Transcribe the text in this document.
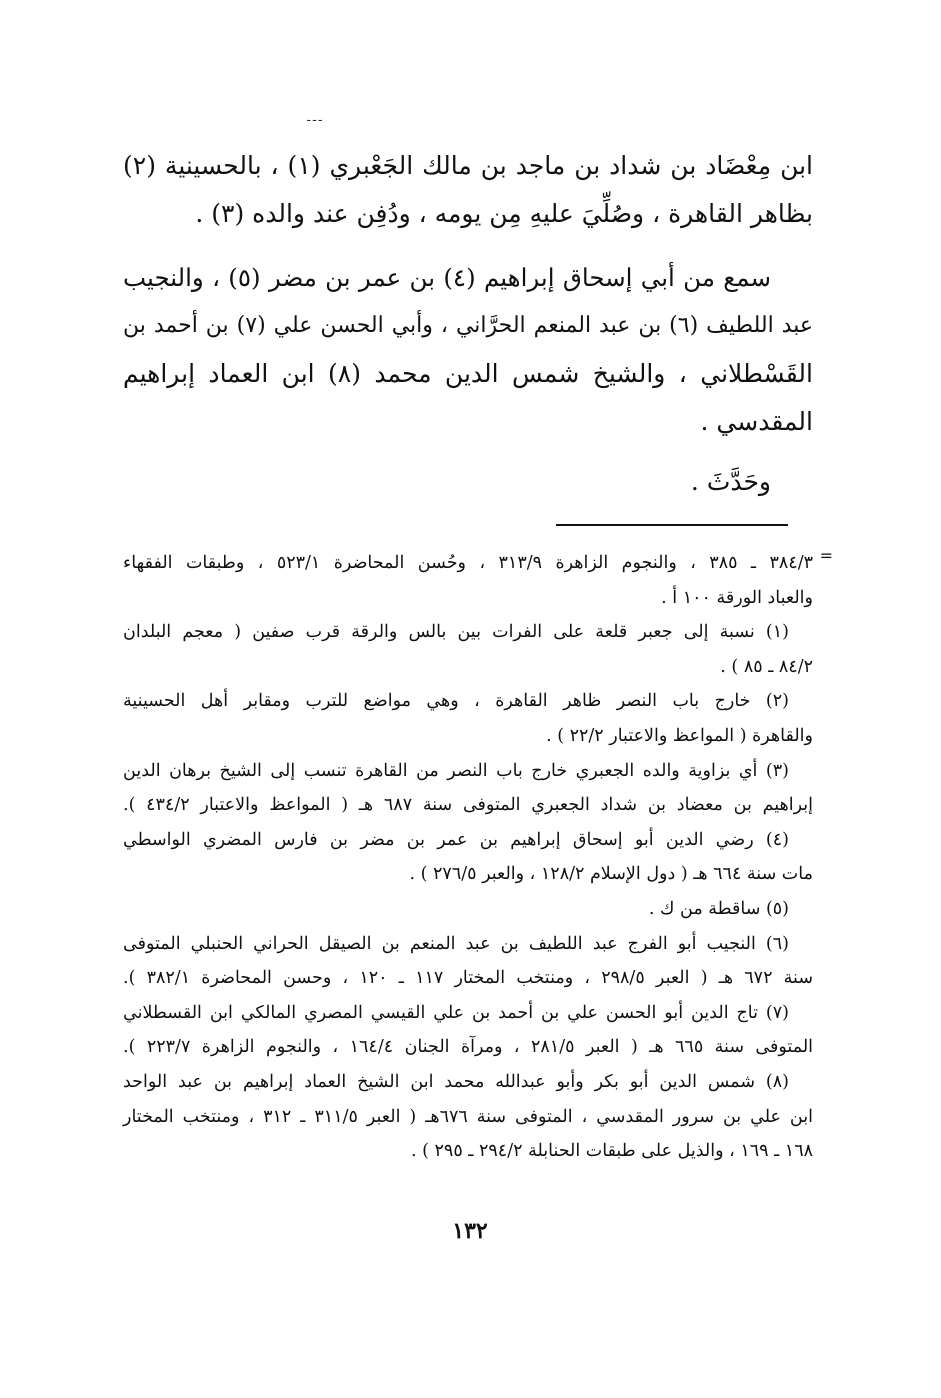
---
ابن مِعْضَاد بن شداد بن ماجد بن مالك الجَعْبري (١) ، بالحسينية (٢)
بظاهر القاهرة ، وصُلِّيَ عليهِ مِن يومه ، ودُفِن عند والده (٣) .
سمع من أبي إسحاق إبراهيم (٤) بن عمر بن مضر (٥) ، والنجيب
عبد اللطيف (٦) بن عبد المنعم الحرَّاني ، وأبي الحسن علي (٧) بن أحمد بن
القَسْطلاني ، والشيخ شمس الدين محمد (٨) ابن العماد إبراهيم
المقدسي .
وحَدَّثَ .
=
٣٨٤/٣ ـ ٣٨٥ ، والنجوم الزاهرة ٣١٣/٩ ، وحُسن المحاضرة ٥٢٣/١ ، وطبقات الفقهاء
والعباد الورقة ١٠٠ أ .
(١) نسبة إلى جعبر قلعة على الفرات بين بالس والرقة قرب صفين ( معجم البلدان
٨٤/٢ ـ ٨٥ ) .
(٢) خارج باب النصر ظاهر القاهرة ، وهي مواضع للترب ومقابر أهل الحسينية
والقاهرة ( المواعظ والاعتبار ٢٢/٢ ) .
(٣) أي بزاوية والده الجعبري خارج باب النصر من القاهرة تنسب إلى الشيخ برهان الدين
إبراهيم بن معضاد بن شداد الجعبري المتوفى سنة ٦٨٧ هـ ( المواعظ والاعتبار ٤٣٤/٢ ).
(٤) رضي الدين أبو إسحاق إبراهيم بن عمر بن مضر بن فارس المضري الواسطي
مات سنة ٦٦٤ هـ ( دول الإسلام ١٢٨/٢ ، والعبر ٢٧٦/٥ ) .
(٥) ساقطة من ك .
(٦) النجيب أبو الفرج عبد اللطيف بن عبد المنعم بن الصيقل الحراني الحنبلي المتوفى
سنة ٦٧٢ هـ ( العبر ٢٩٨/٥ ، ومنتخب المختار ١١٧ ـ ١٢٠ ، وحسن المحاضرة ٣٨٢/١ ).
(٧) تاج الدين أبو الحسن علي بن أحمد بن علي القيسي المصري المالكي ابن القسطلاني
المتوفى سنة ٦٦٥ هـ ( العبر ٢٨١/٥ ، ومرآة الجنان ١٦٤/٤ ، والنجوم الزاهرة ٢٢٣/٧ ).
(٨) شمس الدين أبو بكر وأبو عبدالله محمد ابن الشيخ العماد إبراهيم بن عبد الواحد
ابن علي بن سرور المقدسي ، المتوفى سنة ٦٧٦هـ ( العبر ٣١١/٥ ـ ٣١٢ ، ومنتخب المختار
١٦٨ ـ ١٦٩ ، والذيل على طبقات الحنابلة ٢٩٤/٢ ـ ٢٩٥ ) .
١٣٢
